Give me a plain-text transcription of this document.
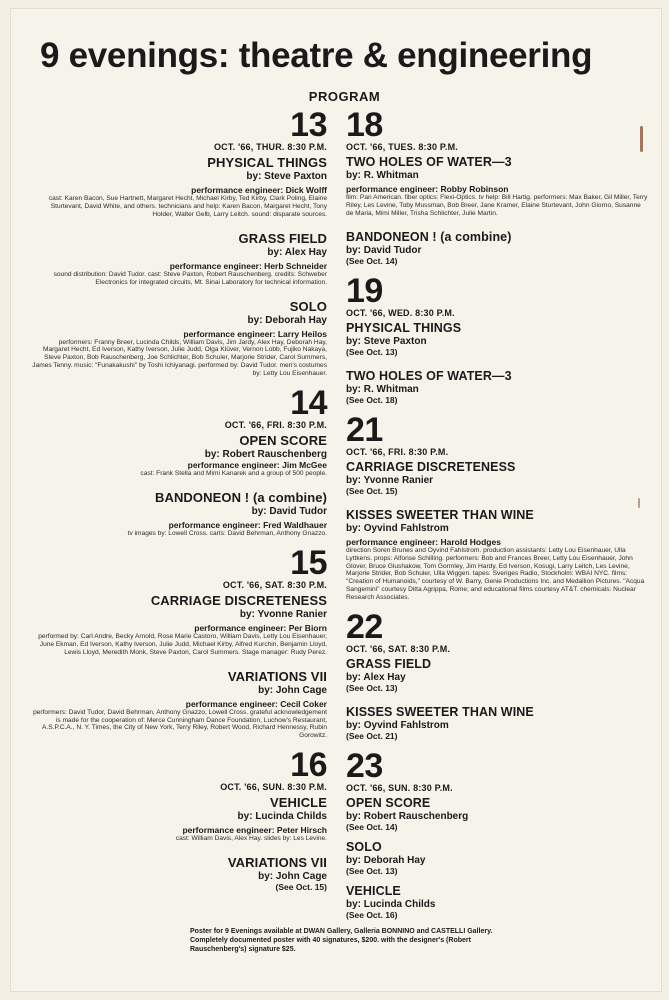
9 evenings: theatre & engineering
PROGRAM
13
OCT. '66, THUR. 8:30 P.M.
PHYSICAL THINGS
by: Steve Paxton
performance engineer: Dick Wolff

cast: Karen Bacon, Sue Hartnett, Margaret Hecht, Michael Kirby, Ted Kirby, Clark Poling, Elaine Sturtevant, David White, and others. technicians and help: Karen Bacon, Margaret Hecht, Tony Holder, Walter Gelb, Larry Leitch. sound: disparate sources.

GRASS FIELD
by: Alex Hay
performance engineer: Herb Schneider

sound distribution: David Tudor. cast: Steve Paxton, Robert Rauschenberg. credits: Schweber Electronics for integrated circuits, Mt. Sinai Laboratory for technical information.

SOLO
by: Deborah Hay
performance engineer: Larry Heilos

performers: Franny Breer, Lucinda Childs, William Davis, Jim Jardy, Alex Hay, Deborah Hay, Margaret Hecht, Ed Iverson, Kathy Iverson, Julie Judd, Olga Klüver, Vernon Lobb, Fujiko Nakaya, Steve Paxton, Bob Rauschenberg, Joe Schlichter, Bob Schuler, Marjorie Strider, Carol Summers, James Tenny. music: "Funakakushi" by Toshi Ichiyanagi. performed by: David Tudor. men's costumes by: Letty Lou Eisenhauer.

14
OCT. '66, FRI. 8:30 P.M.
OPEN SCORE
by: Robert Rauschenberg
performance engineer: Jim McGee

cast: Frank Stella and Mimi Kanarek and a group of 500 people.

BANDONEON ! (a combine)
by: David Tudor
performance engineer: Fred Waldhauer

tv images by: Lowell Cross. carts: David Behrman, Anthony Gnazzo.

15
OCT. '66, SAT. 8:30 P.M.
CARRIAGE DISCRETENESS
by: Yvonne Ranier
performance engineer: Per Biorn

performed by: Carl Andre, Becky Arnold, Rose Marie Castoro, William Davis, Letty Lou Eisenhauer, June Ekman, Ed Iverson, Kathy Iverson, Julie Judd, Michael Kirby, Alfred Kurchin, Benjamin Lloyd, Lewis Lloyd, Meredith Monk, Steve Paxton, Carol Summers. Stage manager: Rudy Perez.

VARIATIONS VII
by: John Cage
performance engineer: Cecil Coker

performers: David Tudor, David Behrman, Anthony Gnazzo, Lowell Cross. grateful acknowledgement is made for the cooperation of: Merce Cunningham Dance Foundation, Luchow's Restaurant, A.S.P.C.A., N. Y. Times, the City of New York, Terry Riley, Robert Wood, Richard Hennessy, Rubin Gorowitz.

16
OCT. '66, SUN. 8:30 P.M.
VEHICLE
by: Lucinda Childs
performance engineer: Peter Hirsch

cast: William Davis, Alex Hay. slides by: Les Levine.

VARIATIONS VII
by: John Cage
(See Oct. 15)
18
OCT. '66, TUES. 8:30 P.M.
TWO HOLES OF WATER—3
by: R. Whitman
performance engineer: Robby Robinson

film: Pan American. fiber optics: Flexi-Optics. tv help: Bill Hartig. performers: Max Baker, Gil Miller, Terry Riley, Les Levine, Toby Mussman, Bob Breer, Jane Kramer, Elaine Sturtevant, John Giorno, Susanne de Maria, Mimi Miller, Trisha Schlichter, Julie Martin.

BANDONEON ! (a combine)
by: David Tudor
(See Oct. 14)
19
OCT. '66, WED. 8:30 P.M.
PHYSICAL THINGS
by: Steve Paxton
(See Oct. 13)
TWO HOLES OF WATER—3
by: R. Whitman
(See Oct. 18)
21
OCT. '66, FRI. 8:30 P.M.
CARRIAGE DISCRETENESS
by: Yvonne Ranier
(See Oct. 15)
KISSES SWEETER THAN WINE
by: Oyvind Fahlstrom
performance engineer: Harold Hodges

direction Soren Brunes and Oyvind Fahlstrom. production assistants: Letty Lou Eisenhauer, Ulla Lyttkens. props: Alfonse Schilling. performers: Bob and Frances Breer, Letty Lou Eisenhauer, John Glover, Bruce Glushakow, Tom Gormley, Jim Hardy, Ed Iverson, Kosugi, Larry Leitch, Les Levine, Marjorie Strider, Bob Schuler, Ulla Wiggen. tapes: Sveriges Radio, Stockholm: WBAI NYC. films: "Creation of Humanoids," courtesy of W. Barry, Genie Productions Inc. and Medallion Pictures. "Acqua Sangemini" courtesy Ditta Agrippa, Rome; and educational films courtesy AT&T. chemicals: Nuclear Research Associates.

22
OCT. '66, SAT. 8:30 P.M.
GRASS FIELD
by: Alex Hay
(See Oct. 13)
KISSES SWEETER THAN WINE
by: Oyvind Fahlstrom
(See Oct. 21)
23
OCT. '66, SUN. 8:30 P.M.
OPEN SCORE
by: Robert Rauschenberg
(See Oct. 14)
SOLO
by: Deborah Hay
(See Oct. 13)
VEHICLE
by: Lucinda Childs
(See Oct. 16)
Poster for 9 Evenings available at DWAN Gallery, Galleria BONNINO and CASTELLI Gallery. Completely documented poster with 40 signatures, $200. with the designer's (Robert Rauschenberg's) signature $25.
